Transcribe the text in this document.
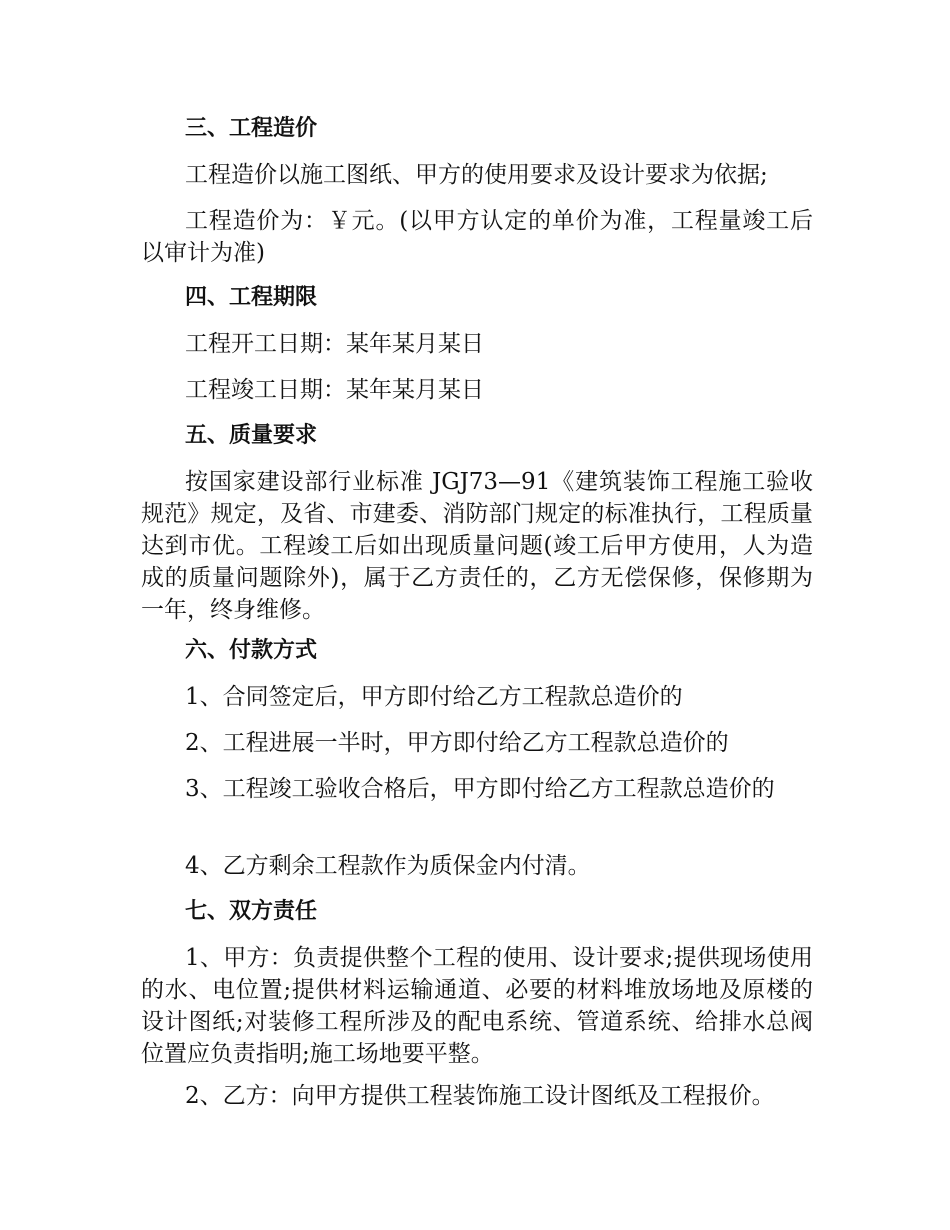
三、工程造价

工程造价以施工图纸、甲方的使用要求及设计要求为依据;

工程造价为：￥元。(以甲方认定的单价为准，工程量竣工后以审计为准)

四、工程期限

工程开工日期：某年某月某日

工程竣工日期：某年某月某日

五、质量要求

按国家建设部行业标准 JGJ73—91《建筑装饰工程施工验收规范》规定，及省、市建委、消防部门规定的标准执行，工程质量达到市优。工程竣工后如出现质量问题(竣工后甲方使用，人为造成的质量问题除外)，属于乙方责任的，乙方无偿保修，保修期为一年，终身维修。

六、付款方式

1、合同签定后，甲方即付给乙方工程款总造价的

2、工程进展一半时，甲方即付给乙方工程款总造价的

3、工程竣工验收合格后，甲方即付给乙方工程款总造价的

4、乙方剩余工程款作为质保金内付清。

七、双方责任

1、甲方：负责提供整个工程的使用、设计要求;提供现场使用的水、电位置;提供材料运输通道、必要的材料堆放场地及原楼的设计图纸;对装修工程所涉及的配电系统、管道系统、给排水总阀位置应负责指明;施工场地要平整。

2、乙方：向甲方提供工程装饰施工设计图纸及工程报价。
